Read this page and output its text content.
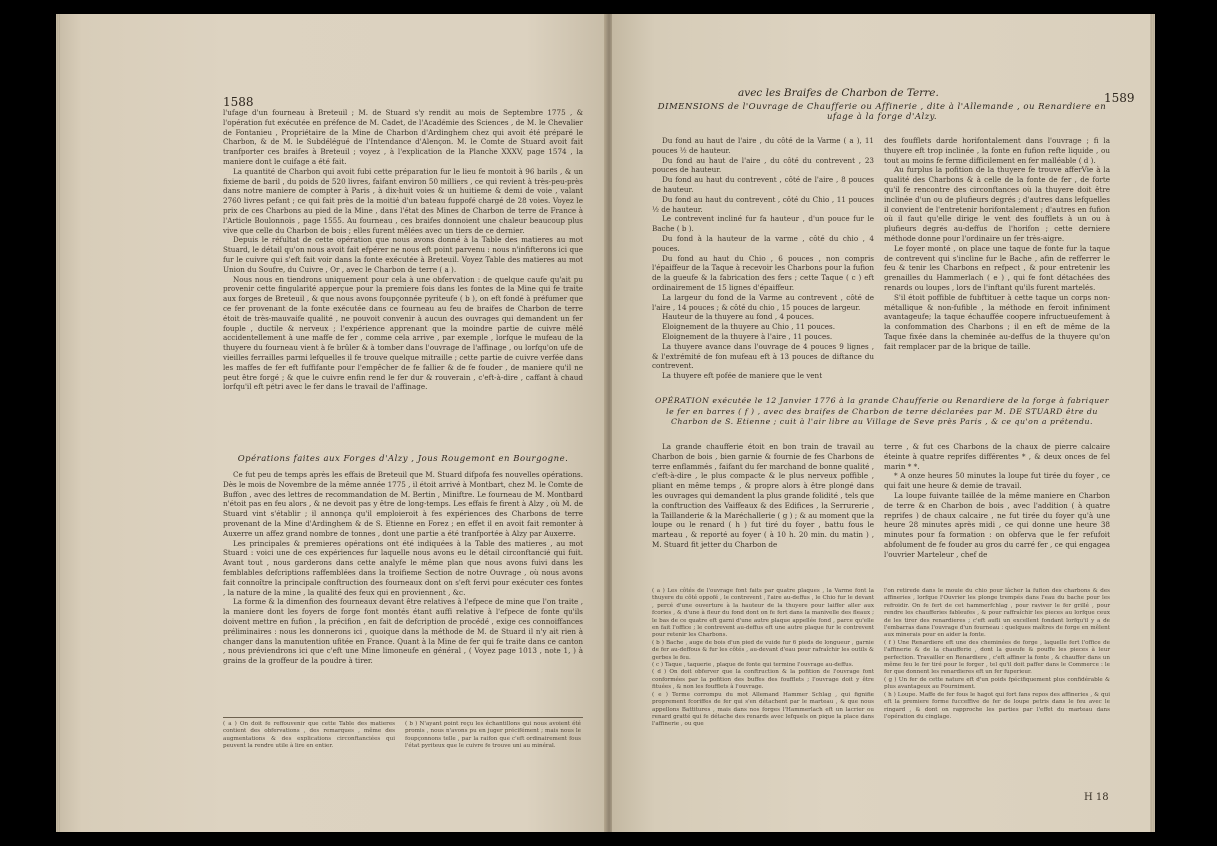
1588

l'ufage d'un fourneau à Breteuil ; M. de Stuard s'y rendit au mois de Septembre 1775 , & l'opération fut exécutée en préfence de M. Cadet, de l'Académie des Sciences , de M. le Chevalier de Fontanieu , Propriétaire de la Mine de Charbon d'Ardinghem chez qui avoit été préparé le Charbon, & de M. le Subdélégué de l'Intendance d'Alençon. M. le Comte de Stuard avoit fait tranfporter ces braifes à Breteuil ; voyez , à l'explication de la Planche XXXV, page 1574 , la maniere dont le cuifage a été fait.

La quantité de Charbon qui avoit fubi cette préparation fur le lieu fe montoit à 96 barils , & un fixieme de baril , du poids de 520 livres, faifant environ 50 milliers , ce qui revient à très-peu-près dans notre maniere de compter à Paris , à dix-huit voies & un huitieme & demi de voie , valant 2760 livres pefant ; ce qui fait près de la moitié d'un bateau fuppofé chargé de 28 voies. Voyez le prix de ces Charbons au pied de la Mine , dans l'état des Mines de Charbon de terre de France à l'Article Boulonnois , page 1555. Au fourneau , ces braifes donnoient une chaleur beaucoup plus vive que celle du Charbon de bois ; elles furent mêlées avec un tiers de ce dernier.

Depuis le réfultat de cette opération que nous avons donné à la Table des matieres au mot Stuard, le détail qu'on nous avoit fait efpérer ne nous eft point parvenu : nous n'infifterons ici que fur le cuivre qui s'eft fait voir dans la fonte exécutée à Breteuil. Voyez Table des matieres au mot Union du Soufre, du Cuivre , Or , avec le Charbon de terre ( a ).

Nous nous en tiendrons uniquement pour cela à une obfervation : de quelque caufe qu'ait pu provenir cette fingularité apperçue pour la premiere fois dans les fontes de la Mine qui fe traite aux forges de Breteuil , & que nous avons foupçonnée pyriteufe ( b ), on eft fondé à préfumer que ce fer provenant de la fonte exécutée dans ce fourneau au feu de braifes de Charbon de terre étoit de très-mauvaife qualité , ne pouvoit convenir à aucun des ouvrages qui demandent un fer fouple , ductile & nerveux ; l'expérience apprenant que la moindre partie de cuivre mêlé accidentellement à une maffe de fer , comme cela arrive , par exemple , lorfque le mufeau de la thuyere du fourneau vient à fe brûler & à tomber dans l'ouvrage de l'affinage , ou lorfqu'on ufe de vieilles ferrailles parmi lefquelles il fe trouve quelque mitraille ; cette partie de cuivre verfée dans les maffes de fer eft fuffifante pour l'empêcher de fe fallier & de fe fouder , de maniere qu'il ne peut être forgé ; & que le cuivre enfin rend le fer dur & rouverain , c'eft-à-dire , caffant à chaud lorfqu'il eft pétri avec le fer dans le travail de l'affinage.

Opérations faites aux Forges d'Alzy , Jous Rougemont en Bourgogne.

Ce fut peu de temps après les effais de Breteuil que M. Stuard difpofa fes nouvelles opérations. Dès le mois de Novembre de la même année 1775 , il étoit arrivé à Montbart, chez M. le Comte de Buffon , avec des lettres de recommandation de M. Bertin , Miniftre. Le fourneau de M. Montbard n'étoit pas en feu alors , & ne devoit pas y être de long-temps. Les effais fe firent à Alzy , où M. de Stuard vint s'établir ; il annonça qu'il emploieroit à fes expériences des Charbons de terre provenant de la Mine d'Ardinghem & de S. Etienne en Forez ; en effet il en avoit fait remonter à Auxerre un affez grand nombre de tonnes , dont une partie a été tranfportée à Alzy par Auxerre.

Les principales & premieres opérations ont été indiquées à la Table des matieres , au mot Stuard : voici une de ces expériences fur laquelle nous avons eu le détail circonftancié qui fuit. Avant tout , nous garderons dans cette analyfe le même plan que nous avons fuivi dans les femblables defcriptions raffemblées dans la troifieme Section de notre Ouvrage , où nous avons fait connoître la principale conftruction des fourneaux dont on s'eft fervi pour exécuter ces fontes , la nature de la mine , la qualité des feux qui en proviennent , &c.

La forme & la dimenfion des fourneaux devant être relatives à l'efpece de mine que l'on traite , la maniere dont les foyers de forge font montés étant auffi relative à l'efpece de fonte qu'ils doivent mettre en fufion , la précifion , en fait de defcription de procédé , exige ces connoiffances préliminaires : nous les donnerons ici , quoique dans la méthode de M. de Stuard il n'y ait rien à changer dans la manutention ufitée en France. Quant à la Mine de fer qui fe traite dans ce canton , nous préviendrons ici que c'eft une Mine limoneufe en général , ( Voyez page 1013 , note 1, ) à grains de la groffeur de la poudre à tirer.

( a ) On doit fe reffouvenir que cette Table des matieres contient des obfervations , des remarques , même des augmentations & des explications circonftanciées qui peuvent la rendre utile à lire en entier.
( b ) N'ayant point reçu les échantillons qui nous avoient été promis , nous n'avons pu en juger précifément ; mais nous le foupçonnons telle , par la raifon que c'eft ordinairement fous l'état pyriteux que le cuivre fe trouve uni au minéral.
avec les Braifes de Charbon de Terre.	1589
DIMENSIONS de l'Ouvrage de Chaufferie ou Affinerie , dite à l'Allemande , ou Renardiere en ufage à la forge d'Alzy.

Du fond au haut de l'aire , du côté de la Varme ( a ), 11 pouces ½ de hauteur.

Du fond au haut de l'aire , du côté du contrevent , 23 pouces de hauteur.

Du fond au haut du contrevent , côté de l'aire , 8 pouces de hauteur.

Du fond au haut du contrevent , côté du Chio , 11 pouces ½ de hauteur.

Le contrevent incliné fur fa hauteur , d'un pouce fur le Bache ( b ).

Du fond à la hauteur de la varme , côté du chio , 4 pouces.

Du fond au haut du Chio , 6 pouces , non compris l'épaiffeur de la Taque à recevoir les Charbons pour la fufion de la gueufe & la fabrication des fers ; cette Taque ( c ) eft ordinairement de 15 lignes d'épaiffeur.

La largeur du fond de la Varme au contrevent , côté de l'aire , 14 pouces ; & côté du chio , 15 pouces de largeur.

Hauteur de la thuyere au fond , 4 pouces.

Eloignement de la thuyere au Chio , 11 pouces.

Eloignement de la thuyere à l'aire , 11 pouces.

La thuyere avance dans l'ouvrage de 4 pouces 9 lignes , & l'extrémité de fon mufeau eft à 13 pouces de diftance du contrevent.

La thuyere eft pofée de maniere que le vent

des foufflets darde horifontalement dans l'ouvrage ; fi la thuyere eft trop inclinée , la fonte en fufion refte liquide , ou tout au moins fe ferme difficilement en fer malléable ( d ).

Au furplus la pofition de la thuyere fe trouve afferVie à la qualité des Charbons & à celle de la fonte de fer , de forte qu'il fe rencontre des circonftances où la thuyere doit être inclinée d'un ou de plufieurs degrés ; d'autres dans lefquelles il convient de l'entretenir horifontalement ; d'autres en fufion où il faut qu'elle dirige le vent des foufflets à un ou à plufieurs degrés au-deffus de l'horifon ; cette derniere méthode donne pour l'ordinaire un fer très-aigre.

Le foyer monté , on place une taque de fonte fur la taque de contrevent qui s'incline fur le Bache , afin de refferrer le feu & tenir les Charbons en refpect , & pour entretenir les grenailles du Hammerlach ( e ) , qui fe font détachées des renards ou loupes , lors de l'inftant qu'ils furent martelés.

S'il étoit poffible de fubftituer à cette taque un corps non-métallique & non-fufible , la méthode en feroit infiniment avantageufe; la taque échauffée coopere infructueufement à la confommation des Charbons ; il en eft de même de la Taque fixée dans la cheminée au-deffus de la thuyere qu'on fait remplacer par de la brique de taille.

OPÉRATION exécutée le 12 Janvier 1776 à la grande Chaufferie ou Renardiere de la forge à fabriquer le fer en barres ( f ) , avec des braifes de Charbon de terre déclarées par M. DE STUARD être du Charbon de S. Etienne ; cuit à l'air libre au Village de Seve près Paris , & ce qu'on a prétendu.

La grande chaufferie étoit en bon train de travail au Charbon de bois , bien garnie & fournie de fes Charbons de terre enflammés , faifant du fer marchand de bonne qualité , c'eft-à-dire , le plus compacte & le plus nerveux poffible , pliant en même temps , & propre alors à être plongé dans les ouvrages qui demandent la plus grande folidité , tels que la conftruction des Vaiffeaux & des Edifices , la Serrurerie , la Taillanderie & la Maréchallerie ( g ) ; & au moment que la loupe ou le renard ( h ) fut tiré du foyer , battu fous le marteau , & reporté au foyer ( à 10 h. 20 min. du matin ) , M. Stuard fit jetter du Charbon de

terre , & fut ces Charbons de la chaux de pierre calcaire éteinte à quatre reprifes différentes * , & deux onces de fel marin * *.

* A onze heures 50 minutes la loupe fut tirée du foyer , ce qui fait une heure & demie de travail.

La loupe fuivante taillée de la même maniere en Charbon de terre & en Charbon de bois , avec l'addition ( à quatre reprifes ) de chaux calcaire , ne fut tirée du foyer qu'à une heure 28 minutes après midi , ce qui donne une heure 38 minutes pour fa formation : on obferva que le fer refufoit abfolument de fe fouder au gros du carré fer , ce qui engagea l'ouvrier Marteleur , chef de

( a ) Les côtés de l'ouvrage font faits par quatre plaques , la Varme font la thuyere du côté oppofé , le contrevent , l'aire au-deffus , le Chio fur le devant , percé d'une ouverture à la hauteur de la thuyere pour laiffer aller aux fcories , & d'une à fleur du fond dont on fe fert dans la manivelle des fleaux ; le bas de ce quatre eft garni d'une autre plaque appellée fond , parce qu'elle en fait l'office ; le contrevent au-deffus eft une autre plaque fur le contrevent pour retenir les Charbons.
( b ) Bache , auge de bois d'un pied de vuide fur 6 pieds de longueur , garnie de fer au-deffous & fur les côtés , au-devant d'eau pour rafraîchir les outils & gerbes le feu.
( c ) Taque , taquerie , plaque de fonte qui termine l'ouvrage au-deffus.
( d ) On doit obferver que la conftruction & la pofition de l'ouvrage font conformées par la pofition des buffes des foufflets ; l'ouvrage doit y être fituées , & non les foufflets à l'ouvrage.
( e ) Terme corrompu du mot Allemand Hammer Schlag , qui fignifie proprement fcoriffes de fer qui s'en détachent par le marteau , & que nous appellons Battitures , mais dans nos forges l'Hammerlach eft un lacrier ou renard gratté qui fe détache des renards avec lefquels on pique la place dans l'affinerie , ou que
l'on retirede dans le mouie du chio pour lâcher la fufion des charbons & des affineries , lorfque l'Ouvrier les plonge trempés dans l'eau du bache pour les refroidir. On fe fert de cet hammerfchlag , pour raviver le fer grillé , pour rendre les chaufferies fableufes , & pour raffraîchir les pieces au lorfque ceux de les tirer des renardieres ; c'eft aufli un excellent fondant lorfqu'il y a de l'embarras dans l'ouvrage d'un fourneau : quelques maîtres de forge en mêlent aux minerais pour en aider la fonte.
( f ) Une Renardiere eft une des cheminées de forge , laquelle fert l'office de l'affinerie & de la chaufferie , dont la gueufe & pouffe les pieces à leur perfection. Travailler en Renardiere , c'eft affiner la fonte , & chauffer dans un même feu le fer tiré pour le forger , tel qu'il doit paffer dans le Commerce : le fer que donnent les renardieres eft un fer fuperieur.
( g ) Un fer de cette nature eft d'un poids fpécifiquement plus confidérable & plus avantageux au Fourniment.
( h ) Loupe. Maffe de fer fous le hagot qui fort fans repos des affineries , & qui eft la premiere forme fucceffive de fer de loupe petris dans le feu avec le ringard , & dont on rapproche les parties par l'effet du marteau dans l'opération du cinglage.
H 18
